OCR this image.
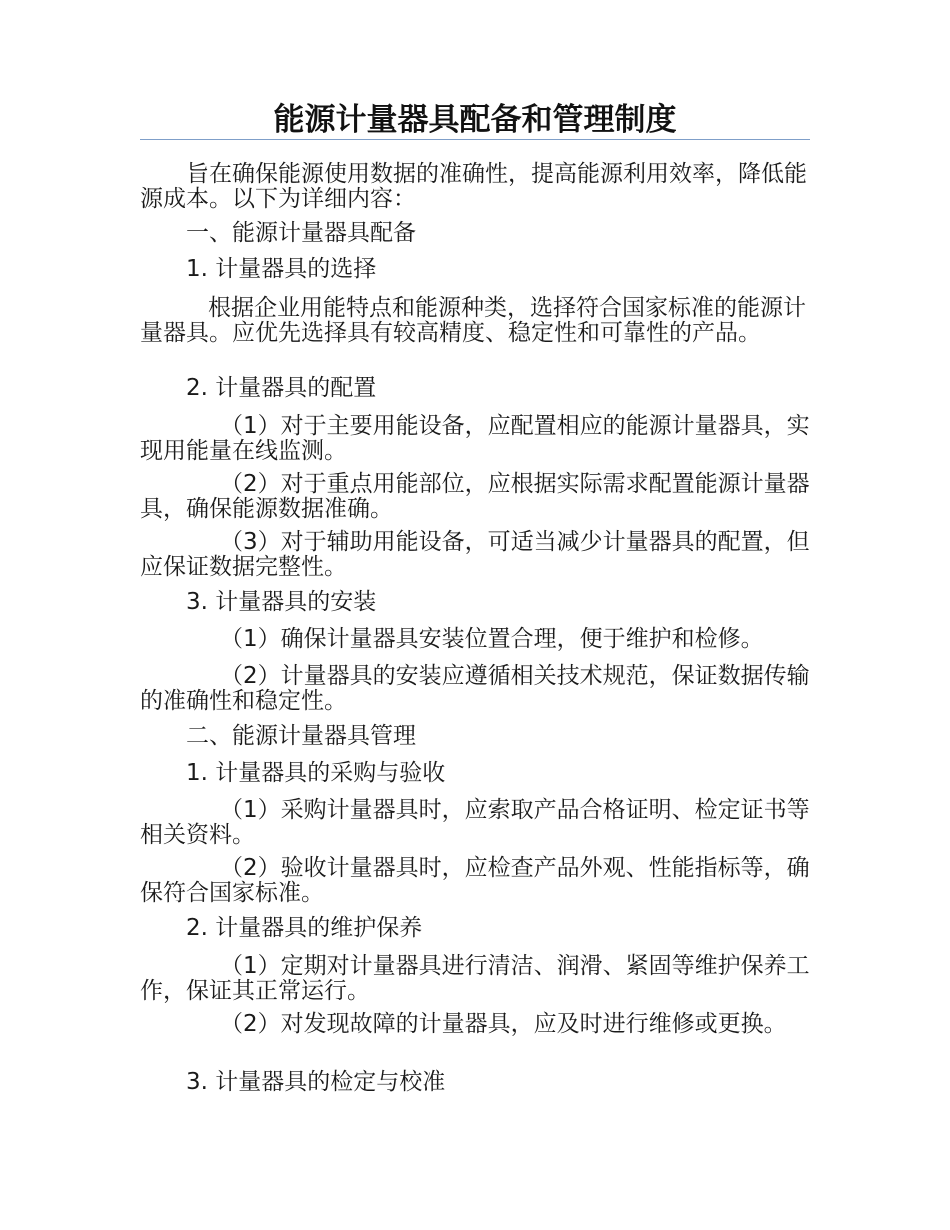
能源计量器具配备和管理制度

旨在确保能源使用数据的准确性，提高能源利用效率，降低能源成本。以下为详细内容：

一、能源计量器具配备

1. 计量器具的选择

根据企业用能特点和能源种类，选择符合国家标准的能源计量器具。应优先选择具有较高精度、稳定性和可靠性的产品。

2. 计量器具的配置

（1）对于主要用能设备，应配置相应的能源计量器具，实现用能量在线监测。

（2）对于重点用能部位，应根据实际需求配置能源计量器具，确保能源数据准确。

（3）对于辅助用能设备，可适当减少计量器具的配置，但应保证数据完整性。

3. 计量器具的安装

（1）确保计量器具安装位置合理，便于维护和检修。

（2）计量器具的安装应遵循相关技术规范，保证数据传输的准确性和稳定性。

二、能源计量器具管理

1. 计量器具的采购与验收

（1）采购计量器具时，应索取产品合格证明、检定证书等相关资料。

（2）验收计量器具时，应检查产品外观、性能指标等，确保符合国家标准。

2. 计量器具的维护保养

（1）定期对计量器具进行清洁、润滑、紧固等维护保养工作，保证其正常运行。

（2）对发现故障的计量器具，应及时进行维修或更换。

3. 计量器具的检定与校准
